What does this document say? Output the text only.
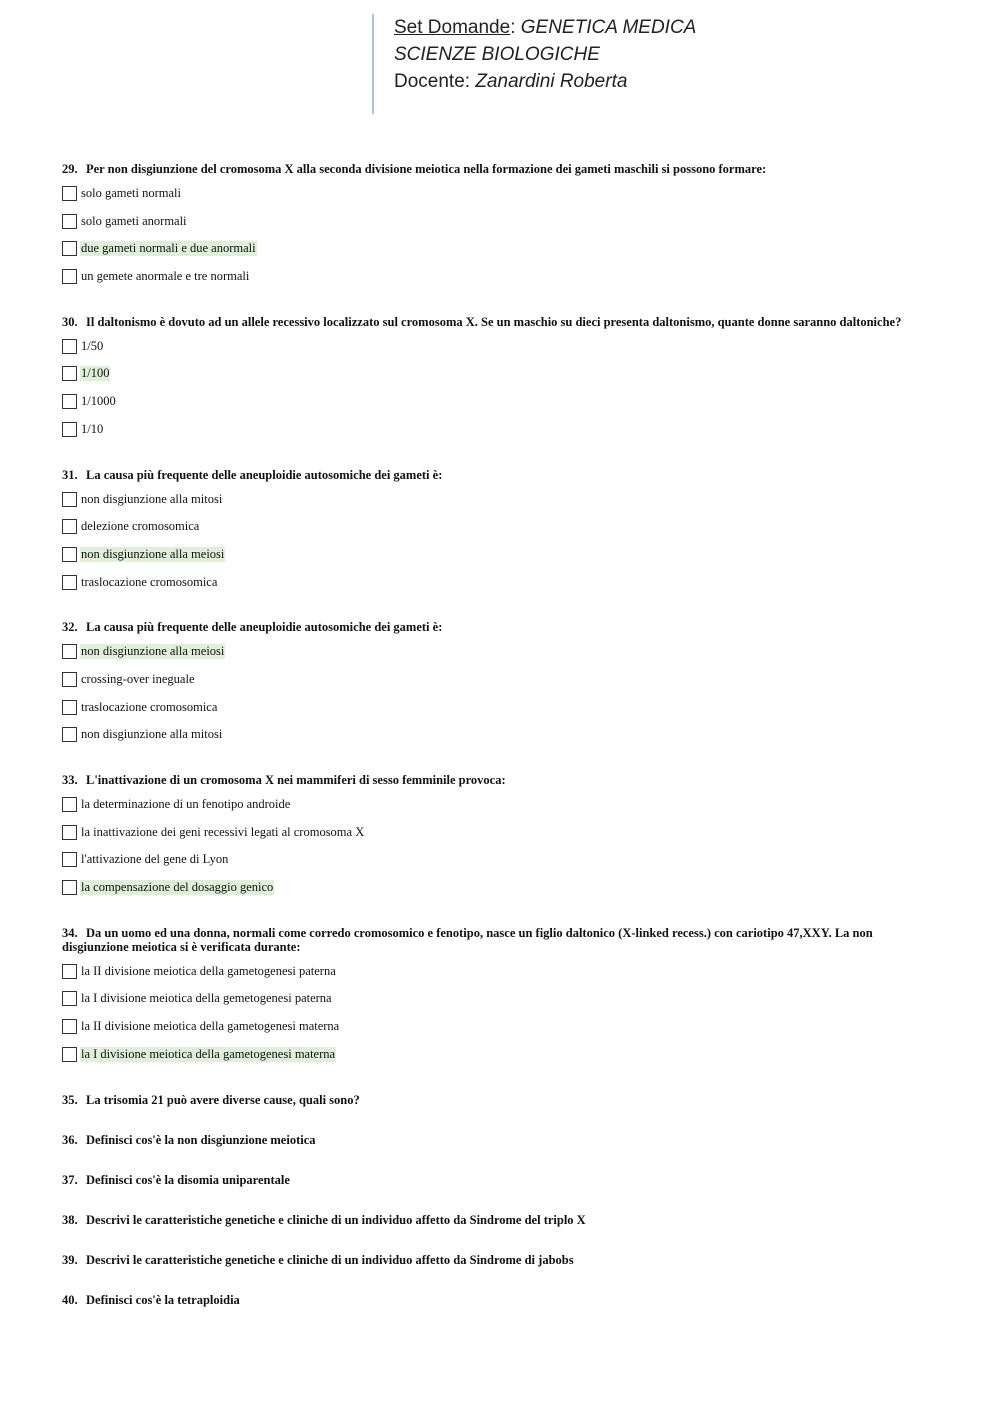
Set Domande: GENETICA MEDICA
SCIENZE BIOLOGICHE
Docente: Zanardini Roberta
29. Per non disgiunzione del cromosoma X alla seconda divisione meiotica nella formazione dei gameti maschili si possono formare:
solo gameti normali
solo gameti anormali
due gameti normali e due anormali
un gemete anormale e tre normali
30. Il daltonismo è dovuto ad un allele recessivo localizzato sul cromosoma X. Se un maschio su dieci presenta daltonismo, quante donne saranno daltoniche?
1/50
1/100
1/1000
1/10
31. La causa più frequente delle aneuploidie autosomiche dei gameti è:
non disgiunzione alla mitosi
delezione cromosomica
non disgiunzione alla meiosi
traslocazione cromosomica
32. La causa più frequente delle aneuploidie autosomiche dei gameti è:
non disgiunzione alla meiosi
crossing-over ineguale
traslocazione cromosomica
non disgiunzione alla mitosi
33. L'inattivazione di un cromosoma X nei mammiferi di sesso femminile provoca:
la determinazione di un fenotipo androide
la inattivazione dei geni recessivi legati al cromosoma X
l'attivazione del gene di Lyon
la compensazione del dosaggio genico
34. Da un uomo ed una donna, normali come corredo cromosomico e fenotipo, nasce un figlio daltonico (X-linked recess.) con cariotipo 47,XXY. La non disgiunzione meiotica si è verificata durante:
la II divisione meiotica della gametogenesi paterna
la I divisione meiotica della gemetogenesi paterna
la II divisione meiotica della gametogenesi materna
la I divisione meiotica della gametogenesi materna
35. La trisomia 21 può avere diverse cause, quali sono?
36. Definisci cos'è la non disgiunzione meiotica
37. Definisci cos'è la disomia uniparentale
38. Descrivi le caratteristiche genetiche e cliniche di un individuo affetto da Sindrome del triplo X
39. Descrivi le caratteristiche genetiche e cliniche di un individuo affetto da Sindrome di jabobs
40. Definisci cos'è la tetraploidia
